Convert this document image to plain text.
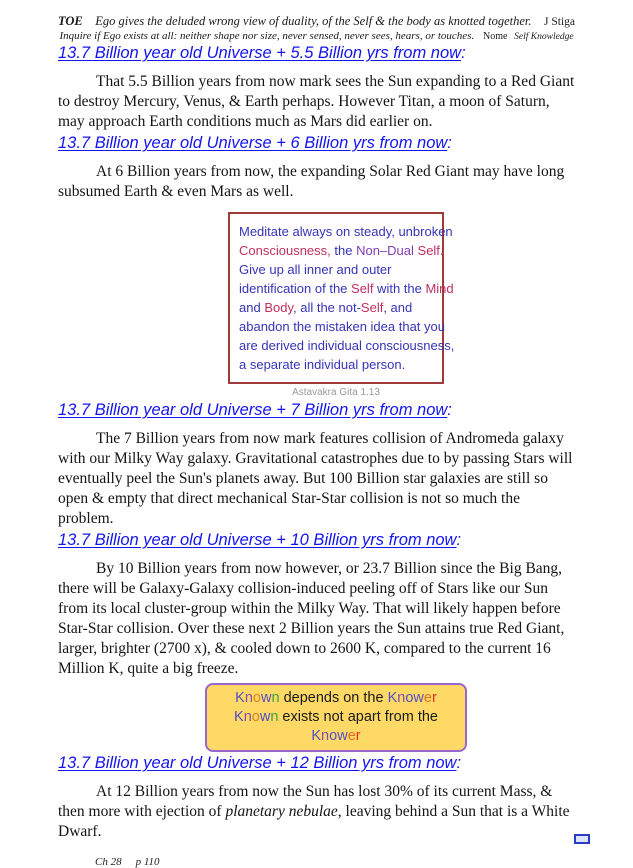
TOE Ego gives the deluded wrong view of duality, of the Self & the body as knotted together.	J Stiga
Inquire if Ego exists at all: neither shape nor size, never sensed, never sees, hears, or touches. Nome Self Knowledge
13.7 Billion year old Universe + 5.5 Billion yrs from now:

That 5.5 Billion years from now mark sees the Sun expanding to a Red Giant to destroy Mercury, Venus, & Earth perhaps. However Titan, a moon of Saturn, may approach Earth conditions much as Mars did earlier on.

13.7 Billion year old Universe + 6 Billion yrs from now:

At 6 Billion years from now, the expanding Solar Red Giant may have long subsumed Earth & even Mars as well.

Meditate always on steady, unbroken
Consciousness, the Non–Dual Self.
Give up all inner and outer
identification of the Self with the Mind
and Body, all the not-Self, and
abandon the mistaken idea that you
are derived individual consciousness,
a separate individual person.
Astavakra Gita 1.13
13.7 Billion year old Universe + 7 Billion yrs from now:

The 7 Billion years from now mark features collision of Andromeda galaxy with our Milky Way galaxy. Gravitational catastrophes due to by passing Stars will eventually peel the Sun's planets away. But 100 Billion star galaxies are still so open & empty that direct mechanical Star-Star collision is not so much the problem.

13.7 Billion year old Universe + 10 Billion yrs from now:

By 10 Billion years from now however, or 23.7 Billion since the Big Bang, there will be Galaxy-Galaxy collision-induced peeling off of Stars like our Sun from its local cluster-group within the Milky Way. That will likely happen before Star-Star collision. Over these next 2 Billion years the Sun attains true Red Giant, larger, brighter (2700 x), & cooled down to 2600 K, compared to the current 16 Million K, quite a big freeze.

Known depends on the Knower
Known exists not apart from the Knower
13.7 Billion year old Universe + 12 Billion yrs from now:

At 12 Billion years from now the Sun has lost 30% of its current Mass, & then more with ejection of planetary nebulae, leaving behind a Sun that is a White Dwarf.

Ch 28 p 110
